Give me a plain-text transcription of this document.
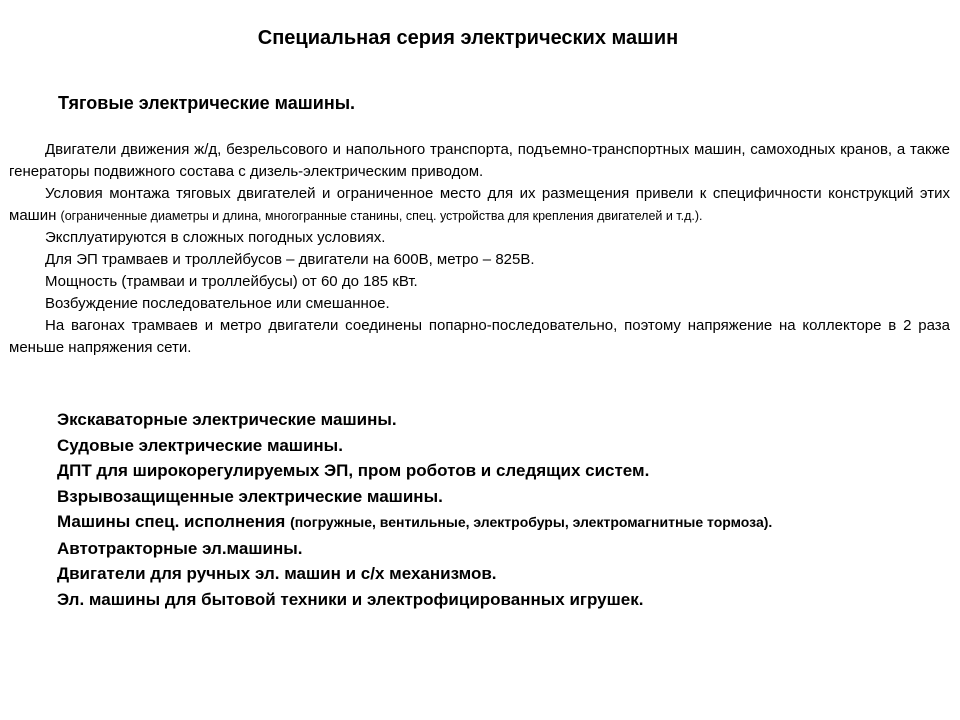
Специальная серия электрических машин
Тяговые электрические машины.

Двигатели движения ж/д, безрельсового и напольного транспорта, подъемно-транспортных машин, самоходных кранов, а также генераторы подвижного состава с дизель-электрическим приводом.

Условия монтажа тяговых двигателей и ограниченное место для их размещения привели к специфичности конструкций этих машин (ограниченные диаметры и длина, многогранные станины, спец. устройства для крепления двигателей и т.д.).

Эксплуатируются в сложных погодных условиях.

Для ЭП трамваев и троллейбусов – двигатели на 600В, метро – 825В.

Мощность (трамваи и троллейбусы) от 60 до 185 кВт.

Возбуждение последовательное или смешанное.

На вагонах трамваев и метро двигатели соединены попарно-последовательно, поэтому напряжение на коллекторе в 2 раза меньше напряжения сети.

Экскаваторные электрические машины.

Судовые электрические машины.

ДПТ для широкорегулируемых ЭП, пром роботов и следящих систем.

Взрывозащищенные электрические машины.

Машины спец. исполнения (погружные, вентильные, электробуры, электромагнитные тормоза).

Автотракторные эл.машины.

Двигатели для ручных эл. машин и с/х механизмов.

Эл. машины для бытовой техники и электрофицированных игрушек.
